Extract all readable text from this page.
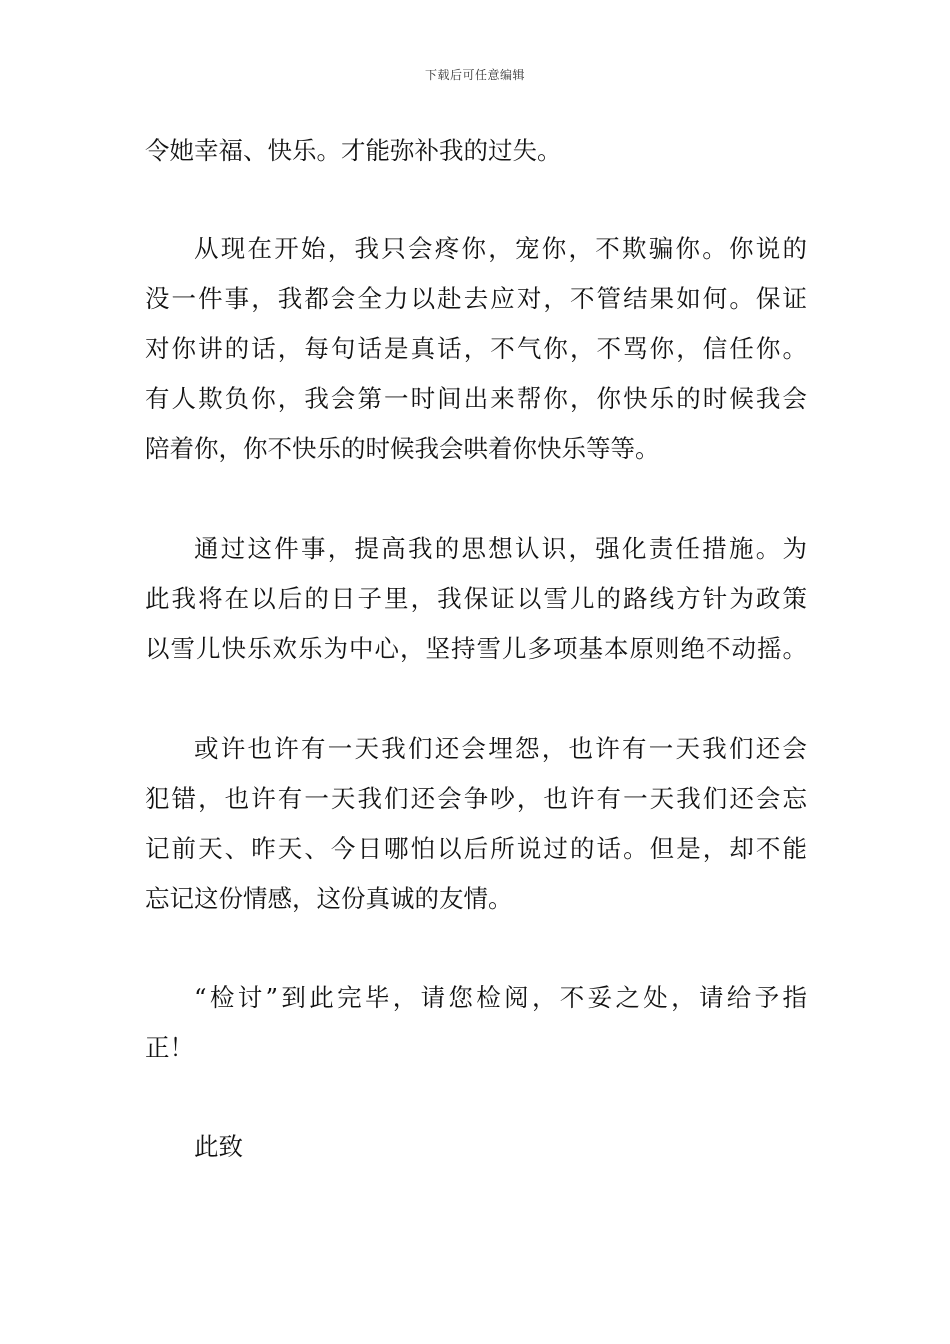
下载后可任意编辑
令她幸福、快乐。才能弥补我的过失。
从现在开始，我只会疼你，宠你，不欺骗你。你说的
没一件事，我都会全力以赴去应对，不管结果如何。保证
对你讲的话，每句话是真话，不气你，不骂你，信任你。
有人欺负你，我会第一时间出来帮你，你快乐的时候我会
陪着你，你不快乐的时候我会哄着你快乐等等。
通过这件事，提高我的思想认识，强化责任措施。为
此我将在以后的日子里，我保证以雪儿的路线方针为政策
以雪儿快乐欢乐为中心，坚持雪儿多项基本原则绝不动摇。
或许也许有一天我们还会埋怨，也许有一天我们还会
犯错，也许有一天我们还会争吵，也许有一天我们还会忘
记前天、昨天、今日哪怕以后所说过的话。但是，却不能
忘记这份情感，这份真诚的友情。
“检讨”到此完毕，请您检阅，不妥之处，请给予指
正！
此致
